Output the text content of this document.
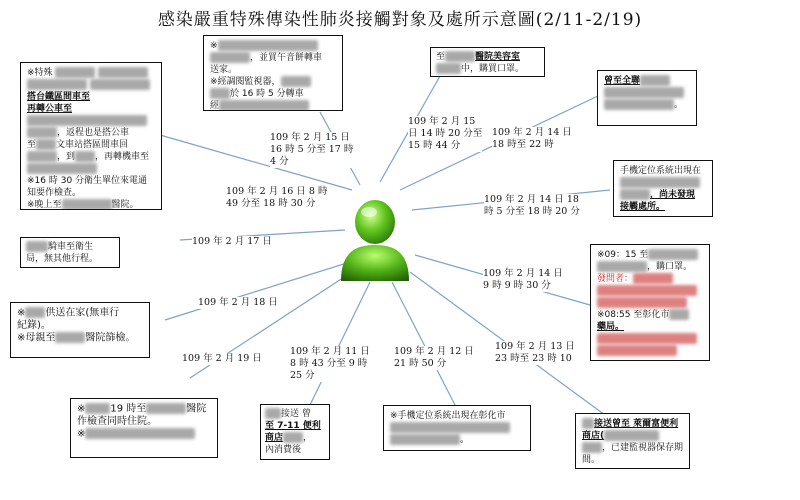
感染嚴重特殊傳染性肺炎接觸對象及處所示意圖(2/11-2/19)
109 年 2 月 15 日
16 時 5 分至 17 時
4 分
109 年 2 月 15
日 14 時 20 分至
15 時 44 分
109 年 2 月 14 日
18 時至 22 時
109 年 2 月 16 日 8 時
49 分至 18 時 30 分	109 年 2 月 14 日 18
時 5 分至 18 時 20 分
109 年 2 月 17 日
109 年 2 月 14 日
9 時 9 時 30 分
109 年 2 月 18 日
109 年 2 月 19 日
109 年 2 月 11 日
8 時 43 分至 9 時
25 分
109 年 2 月 12 日
21 時 50 分
109 年 2 月 13 日
23 時至 23 時 10
※特殊

搭台鐵區間車至
再轉公車至
，返程也是搭公車
至 文車站搭區間車回
，到 ，再轉機車至
※16 時 30 分衛生單位來電通
知要作檢查。
※晚上至	醫院。
※
，並買午音餅轉車
送家。
※經調閱監視器，
於 16 時 5 分轉車
經
至	醫院美容室
中，購買口罩。
曾至全聯
。
手機定位系統出現在
，尚未發現
接觸處所。
騎車至衛生
局，無其他行程。	※09：15 至
，購口罩。
發問者：
※08:55 至彰化市
藥局。
※ 供送在家(無車行
紀錄)。
※母親至	醫院篩檢。
※	19 時至	醫院
作檢查同時住院。
※
接送 曾
至 7-11 便利
商店 ，
內消費後
※手機定位系統出現在彰化市
。
接送曾至 萊爾富便利
商店(
，已建監視器保存期
間。
